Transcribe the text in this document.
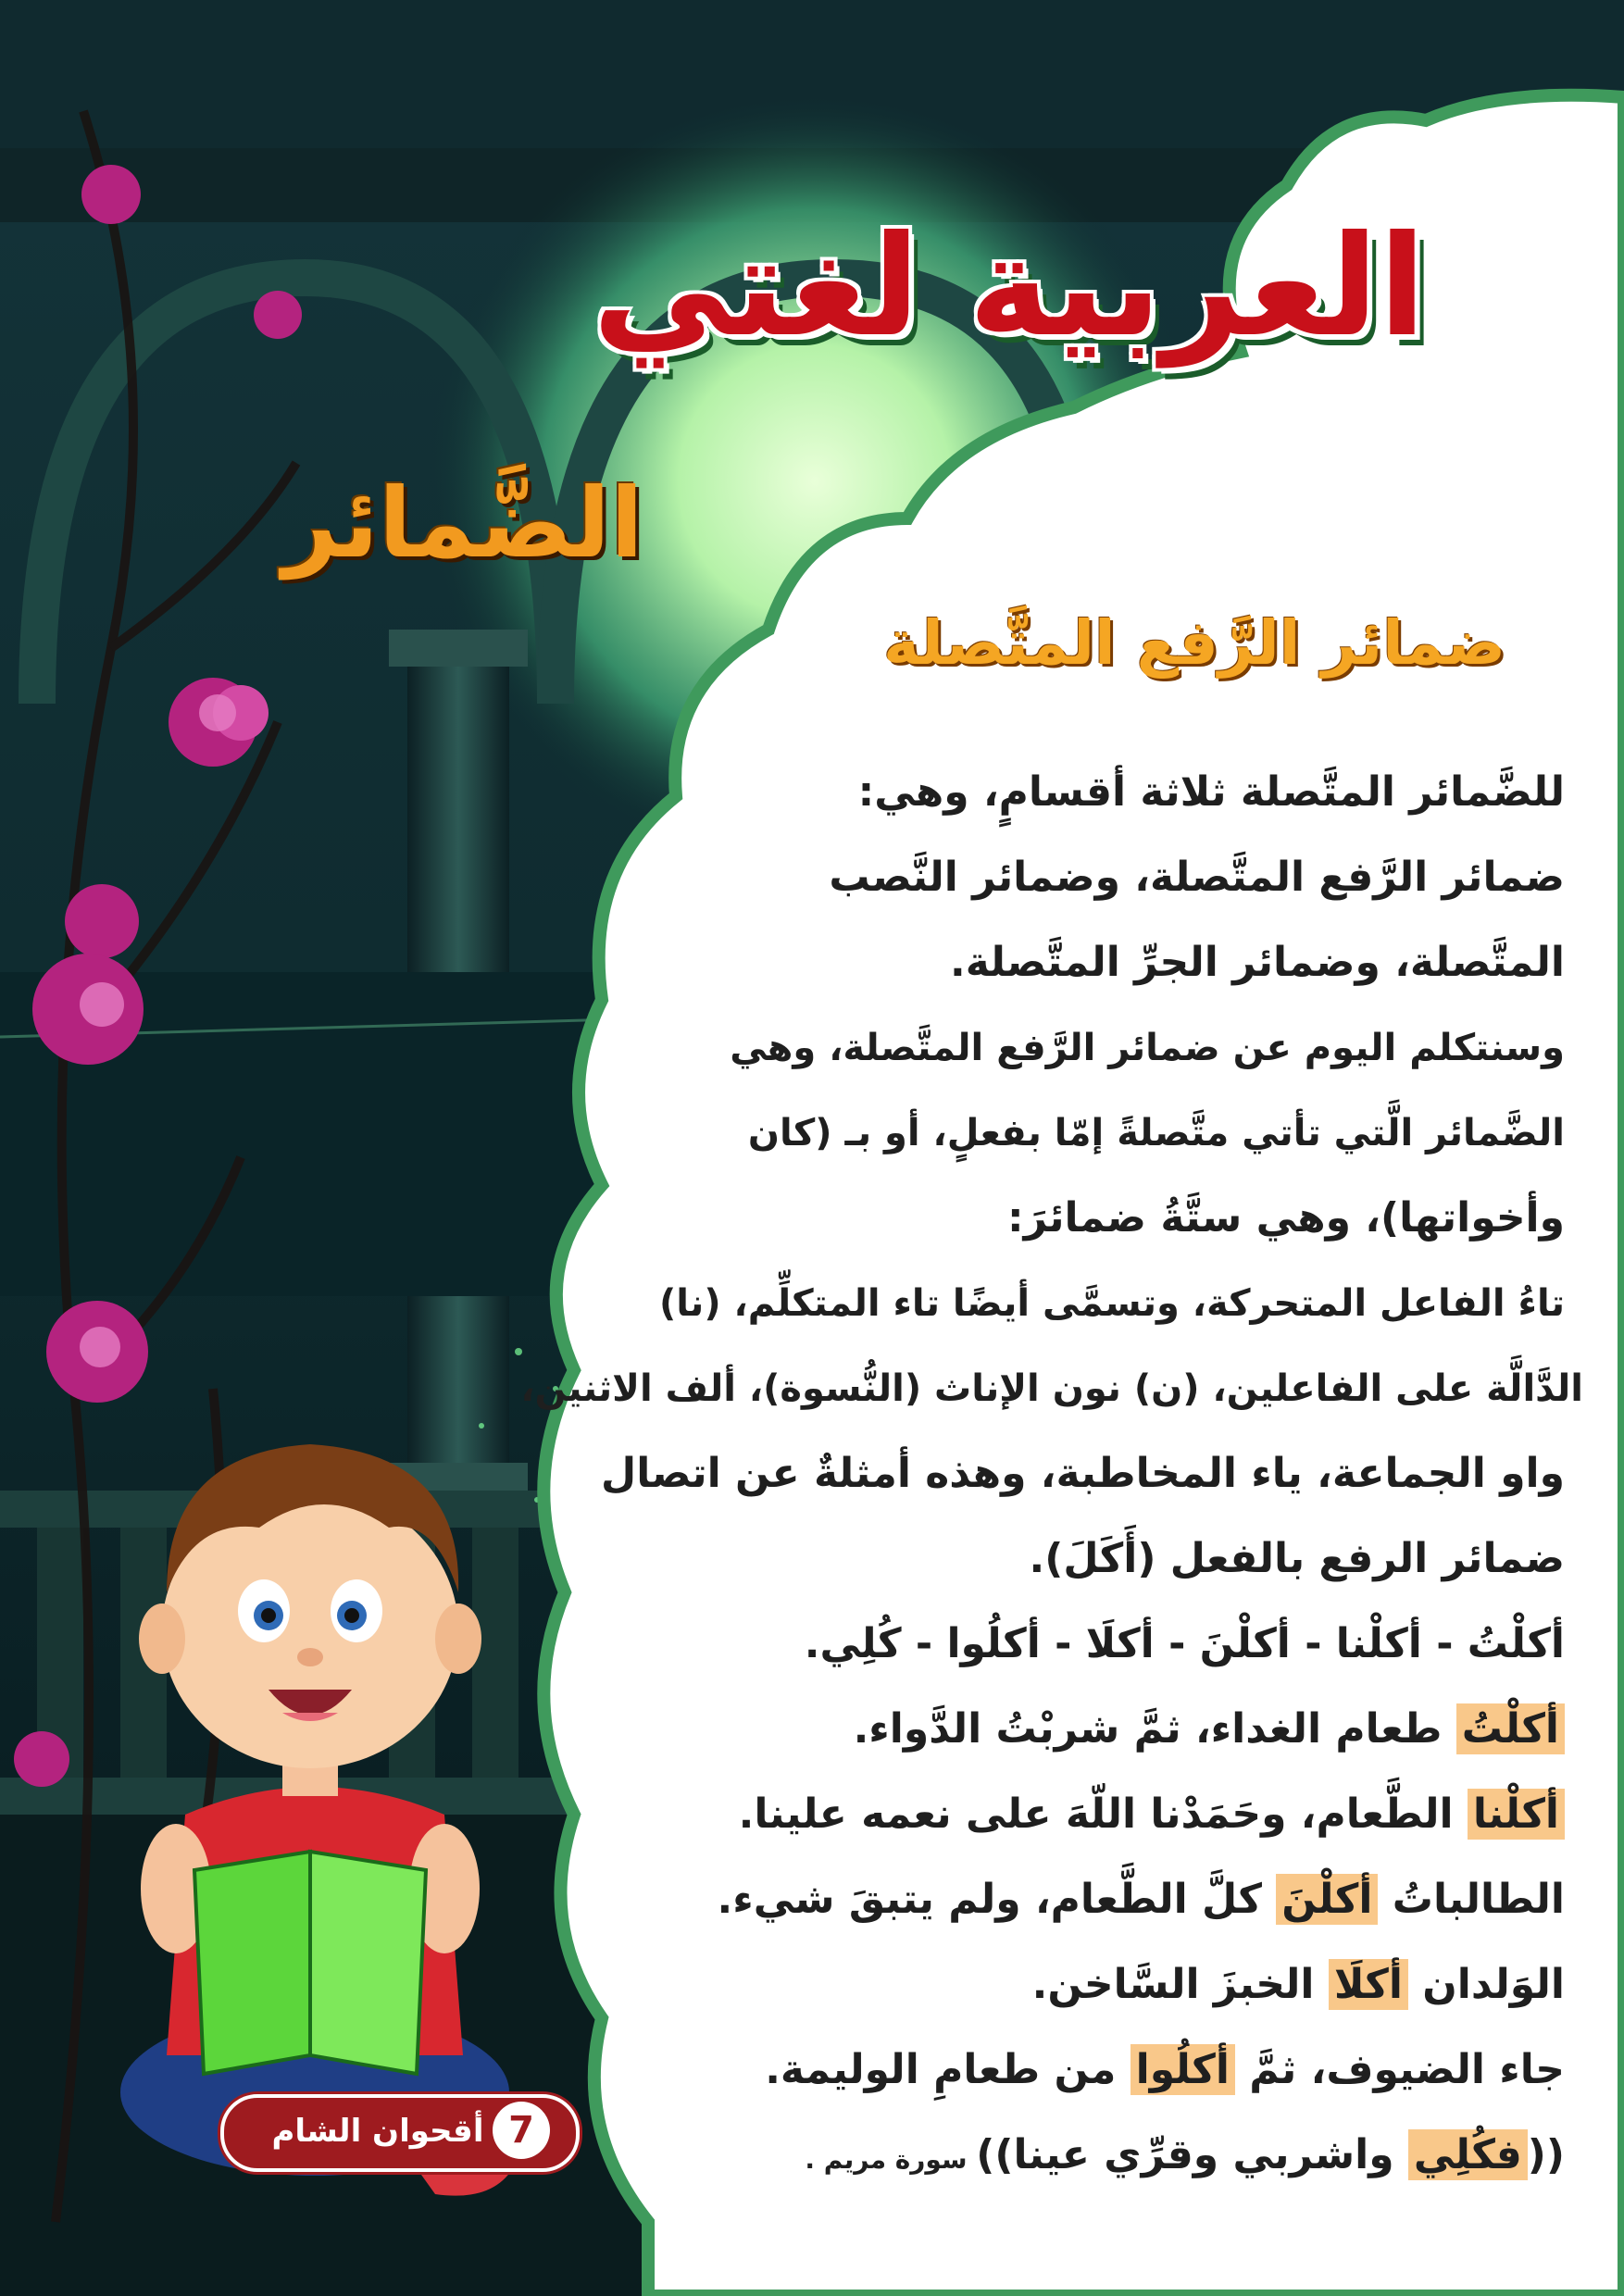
العربية لغتي
الضَّمائر
ضمائر الرَّفع المتَّصلة
للضَّمائر المتَّصلة ثلاثة أقسامٍ، وهي:
ضمائر الرَّفع المتَّصلة، وضمائر النَّصب
المتَّصلة، وضمائر الجرِّ المتَّصلة.
وسنتكلم اليوم عن ضمائر الرَّفع المتَّصلة، وهي
الضَّمائر الَّتي تأتي متَّصلةً إمّا بفعلٍ، أو بـ (كان
وأخواتها)، وهي ستَّةُ ضمائرَ:
تاءُ الفاعل المتحركة، وتسمَّى أيضًا تاء المتكلِّم، (نا)
الدَّالَّة على الفاعلين، (ن) نون الإناث (النُّسوة)، ألف الاثنين،
واو الجماعة، ياء المخاطبة، وهذه أمثلةٌ عن اتصال
ضمائر الرفع بالفعل (أَكَلَ).
أكلْتُ - أكلْنا - أكلْنَ - أكلَا - أكلُوا - كُلِي.
أكلْتُ طعام الغداء، ثمَّ شربْتُ الدَّواء.
أكلْنا الطَّعام، وحَمَدْنا اللّهَ على نعمه علينا.
الطالباتُ أكلْنَ كلَّ الطَّعام، ولم يتبقَ شيء.
الوَلدان أكلَا الخبزَ السَّاخن.
جاء الضيوف، ثمَّ أكلُوا من طعامِ الوليمة.
((فكُلِي واشربي وقرِّي عينا)) سورة مريم .
أقحوان الشام 7
